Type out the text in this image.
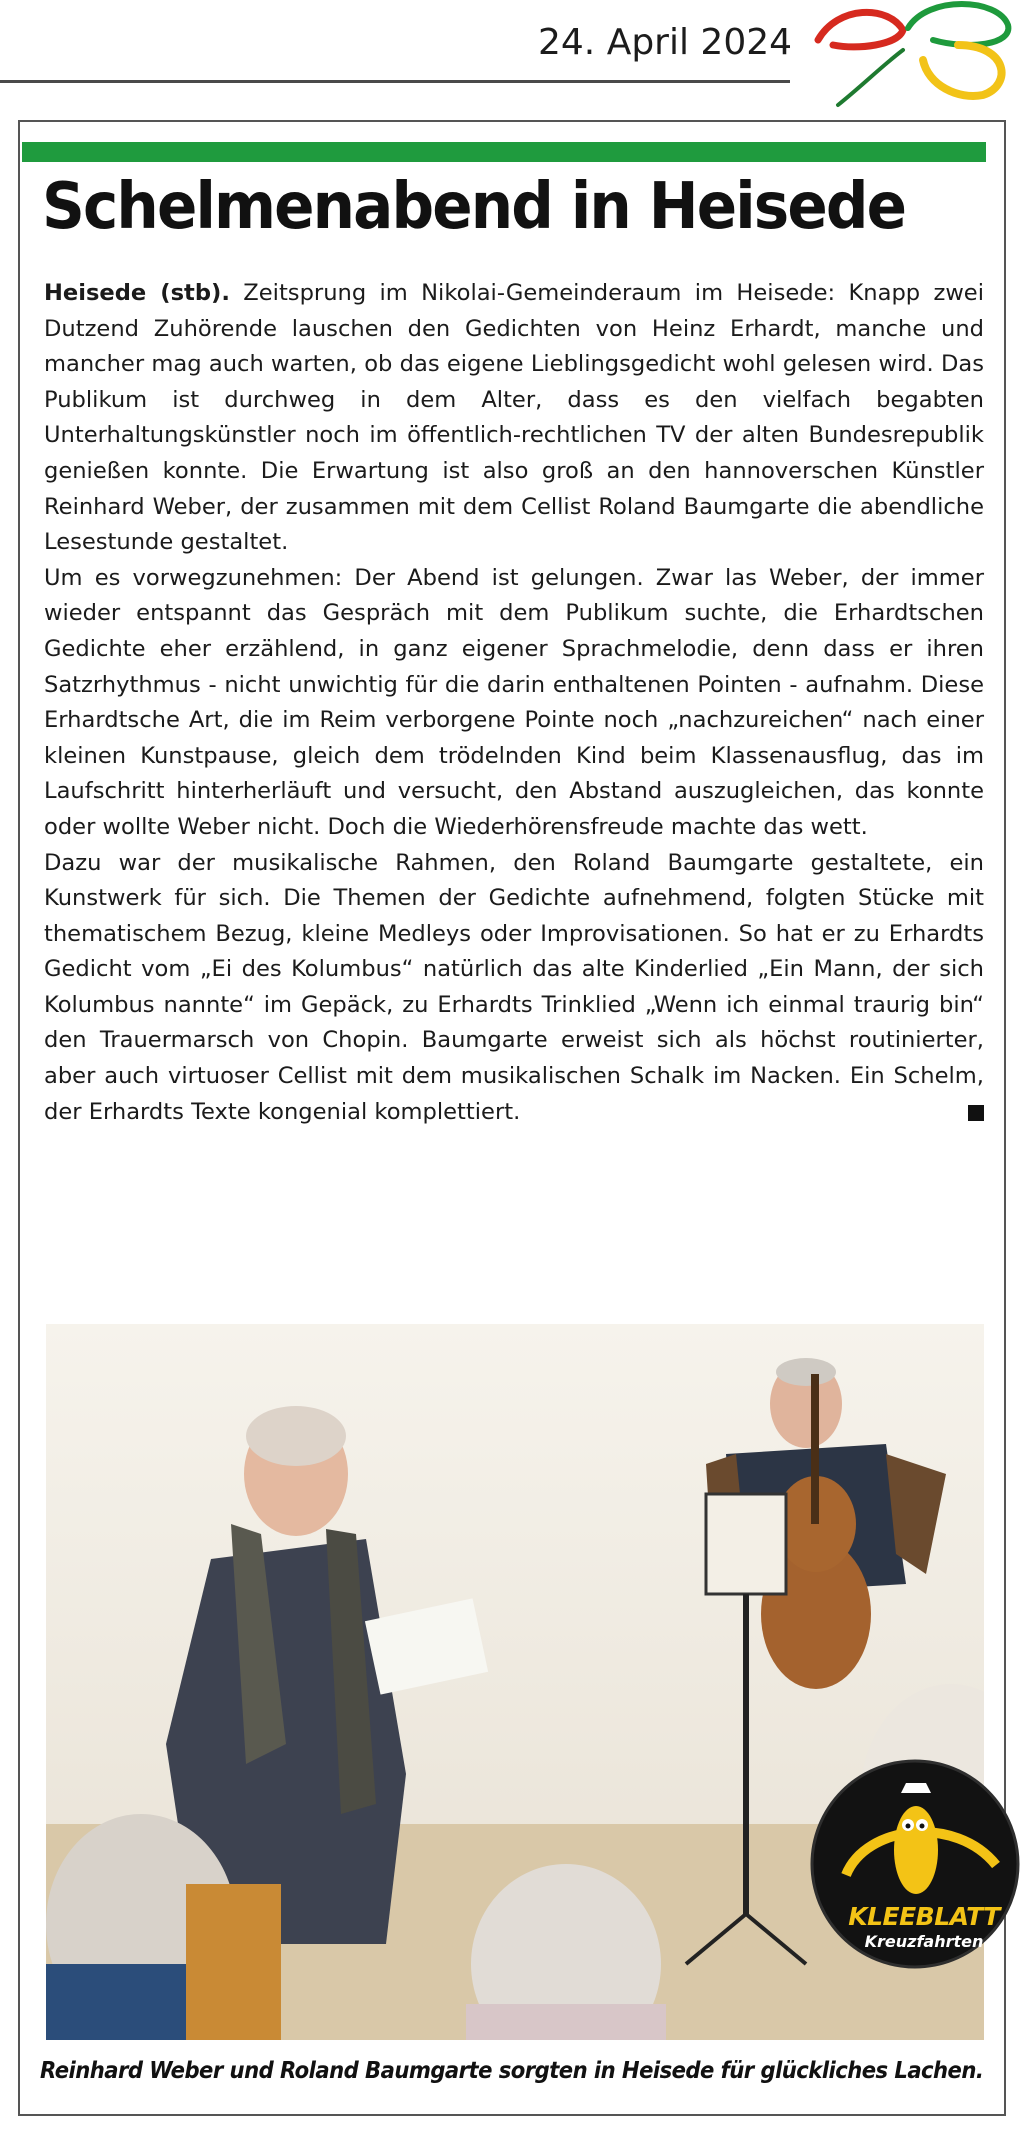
24. April 2024
Schelmenabend in Heisede

Heisede (stb). Zeitsprung im Nikolai-Gemeinderaum im Heisede: Knapp zwei Dutzend Zuhörende lauschen den Gedichten von Heinz Erhardt, manche und mancher mag auch warten, ob das eigene Lieblingsgedicht wohl gelesen wird. Das Publikum ist durchweg in dem Alter, dass es den vielfach begabten Unterhaltungskünstler noch im öffentlich-rechtlichen TV der alten Bundesrepublik genießen konnte. Die Erwartung ist also groß an den hannoverschen Künstler Reinhard Weber, der zusammen mit dem Cellist Roland Baumgarte die abendliche Lesestunde gestaltet.

Um es vorwegzunehmen: Der Abend ist gelungen. Zwar las Weber, der immer wieder entspannt das Gespräch mit dem Publikum suchte, die Erhardtschen Gedichte eher erzählend, in ganz eigener Sprachmelodie, denn dass er ihren Satzrhythmus - nicht unwichtig für die darin enthaltenen Pointen - aufnahm. Diese Erhardtsche Art, die im Reim verborgene Pointe noch „nachzureichen“ nach einer kleinen Kunstpause, gleich dem trödelnden Kind beim Klassenausflug, das im Laufschritt hinterherläuft und versucht, den Abstand auszugleichen, das konnte oder wollte Weber nicht. Doch die Wiederhörensfreude machte das wett.

Dazu war der musikalische Rahmen, den Roland Baumgarte gestaltete, ein Kunstwerk für sich. Die Themen der Gedichte aufnehmend, folgten Stücke mit thematischem Bezug, kleine Medleys oder Improvisationen. So hat er zu Erhardts Gedicht vom „Ei des Kolumbus“ natürlich das alte Kinderlied „Ein Mann, der sich Kolumbus nannte“ im Gepäck, zu Erhardts Trinklied „Wenn ich einmal traurig bin“ den Trauermarsch von Chopin. Baumgarte erweist sich als höchst routinierter, aber auch virtuoser Cellist mit dem musikalischen Schalk im Nacken. Ein Schelm, der Erhardts Texte kongenial komplettiert.

Reinhard Weber und Roland Baumgarte sorgten in Heisede für glückliches Lachen.
KLEEBLATT
Kreuzfahrten
